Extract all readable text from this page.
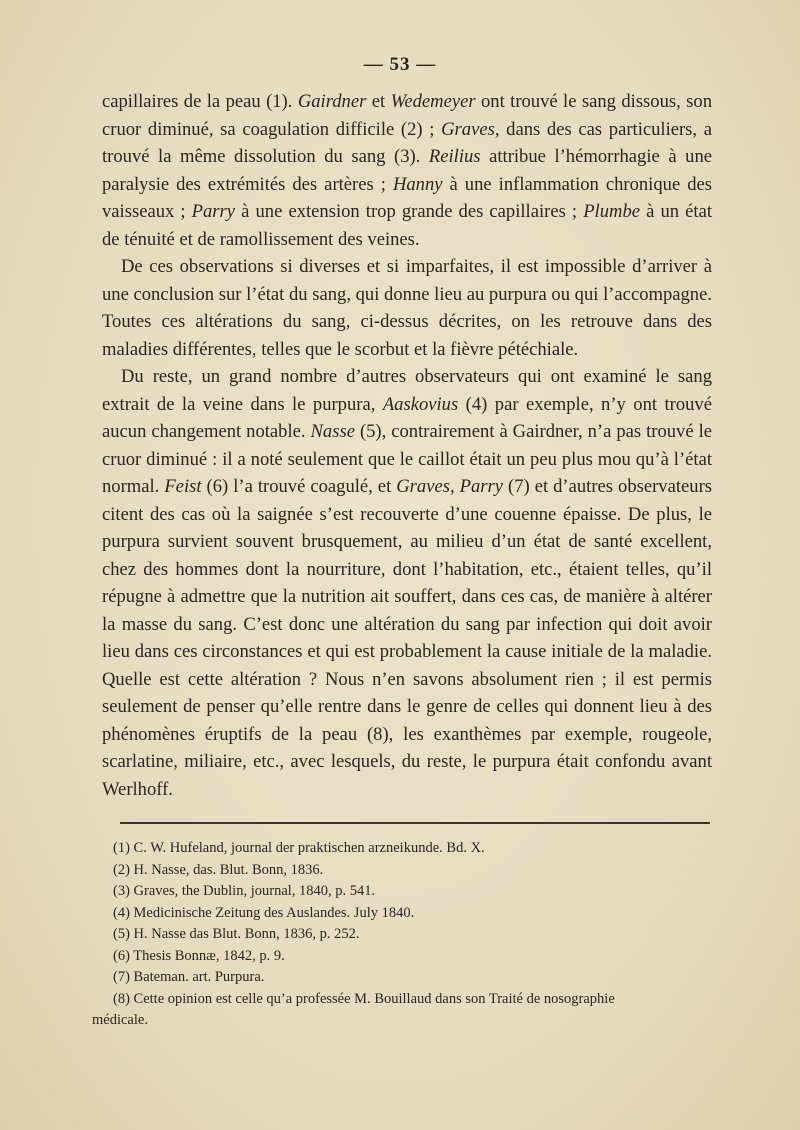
— 53 —

capillaires de la peau (1). Gairdner et Wedemeyer ont trouvé le sang dissous, son cruor diminué, sa coagulation difficile (2) ; Graves, dans des cas particuliers, a trouvé la même dissolution du sang (3). Reilius attribue l’hémorrhagie à une paralysie des extrémités des artères ; Hanny à une inflammation chronique des vaisseaux ; Parry à une extension trop grande des capillaires ; Plumbe à un état de ténuité et de ramollissement des veines.

De ces observations si diverses et si imparfaites, il est impossible d’arriver à une conclusion sur l’état du sang, qui donne lieu au purpura ou qui l’accompagne. Toutes ces altérations du sang, ci-dessus décrites, on les retrouve dans des maladies différentes, telles que le scorbut et la fièvre pétéchiale.

Du reste, un grand nombre d’autres observateurs qui ont examiné le sang extrait de la veine dans le purpura, Aaskovius (4) par exemple, n’y ont trouvé aucun changement notable. Nasse (5), contrairement à Gairdner, n’a pas trouvé le cruor diminué : il a noté seulement que le caillot était un peu plus mou qu’à l’état normal. Feist (6) l’a trouvé coagulé, et Graves, Parry (7) et d’autres observateurs citent des cas où la saignée s’est recouverte d’une couenne épaisse. De plus, le purpura survient souvent brusquement, au milieu d’un état de santé excellent, chez des hommes dont la nourriture, dont l’habitation, etc., étaient telles, qu’il répugne à admettre que la nutrition ait souffert, dans ces cas, de manière à altérer la masse du sang. C’est donc une altération du sang par infection qui doit avoir lieu dans ces circonstances et qui est probablement la cause initiale de la maladie. Quelle est cette altération ? Nous n’en savons absolument rien ; il est permis seulement de penser qu’elle rentre dans le genre de celles qui donnent lieu à des phénomènes éruptifs de la peau (8), les exanthèmes par exemple, rougeole, scarlatine, miliaire, etc., avec lesquels, du reste, le purpura était confondu avant Werlhoff.

(1) C. W. Hufeland, journal der praktischen arzneikunde. Bd. X.
(2) H. Nasse, das. Blut. Bonn, 1836.
(3) Graves, the Dublin, journal, 1840, p. 541.
(4) Medicinische Zeitung des Auslandes. July 1840.
(5) H. Nasse das Blut. Bonn, 1836, p. 252.
(6) Thesis Bonnæ, 1842, p. 9.
(7) Bateman. art. Purpura.
(8) Cette opinion est celle qu’a professée M. Bouillaud dans son Traité de nosographie
médicale.
